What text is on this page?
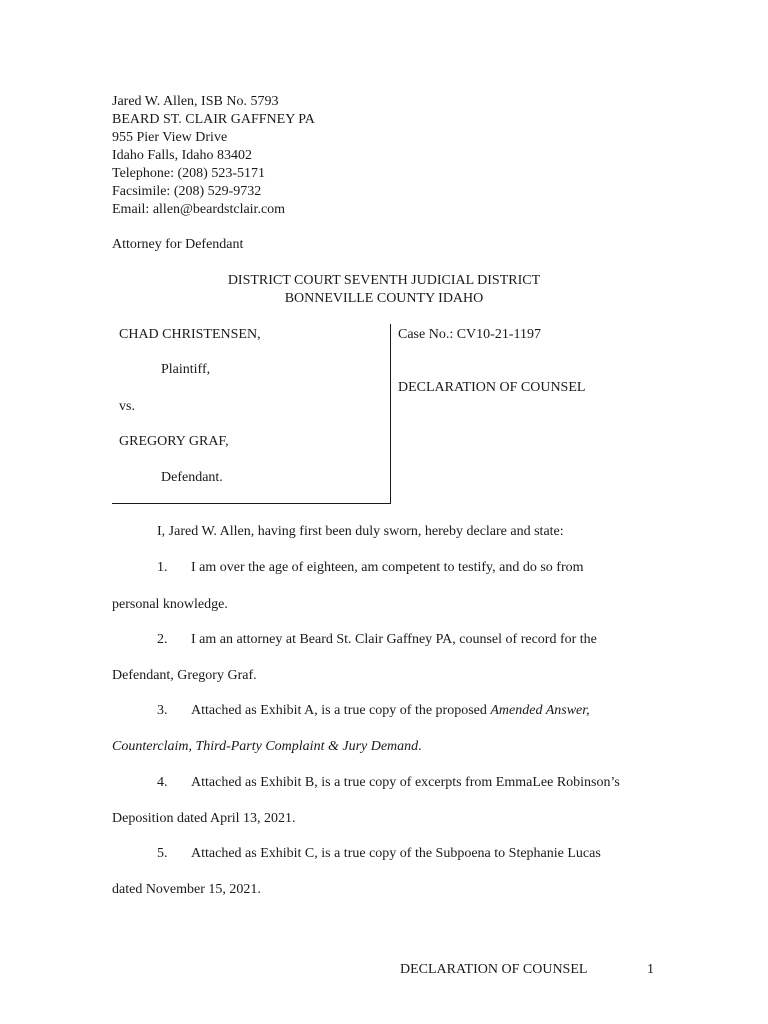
Jared W. Allen, ISB No. 5793
BEARD ST. CLAIR GAFFNEY PA
955 Pier View Drive
Idaho Falls, Idaho 83402
Telephone: (208) 523-5171
Facsimile: (208) 529-9732
Email: allen@beardstclair.com
Attorney for Defendant
DISTRICT COURT SEVENTH JUDICIAL DISTRICT
BONNEVILLE COUNTY IDAHO
CHAD CHRISTENSEN,
Plaintiff,
vs.
GREGORY GRAF,
Defendant.
Case No.: CV10-21-1197
DECLARATION OF COUNSEL
I, Jared W. Allen, having first been duly sworn, hereby declare and state:
1. I am over the age of eighteen, am competent to testify, and do so from
personal knowledge.
2. I am an attorney at Beard St. Clair Gaffney PA, counsel of record for the
Defendant, Gregory Graf.
3. Attached as Exhibit A, is a true copy of the proposed Amended Answer,
Counterclaim, Third-Party Complaint & Jury Demand.
4. Attached as Exhibit B, is a true copy of excerpts from EmmaLee Robinson’s
Deposition dated April 13, 2021.
5. Attached as Exhibit C, is a true copy of the Subpoena to Stephanie Lucas
dated November 15, 2021.
DECLARATION OF COUNSEL	1
